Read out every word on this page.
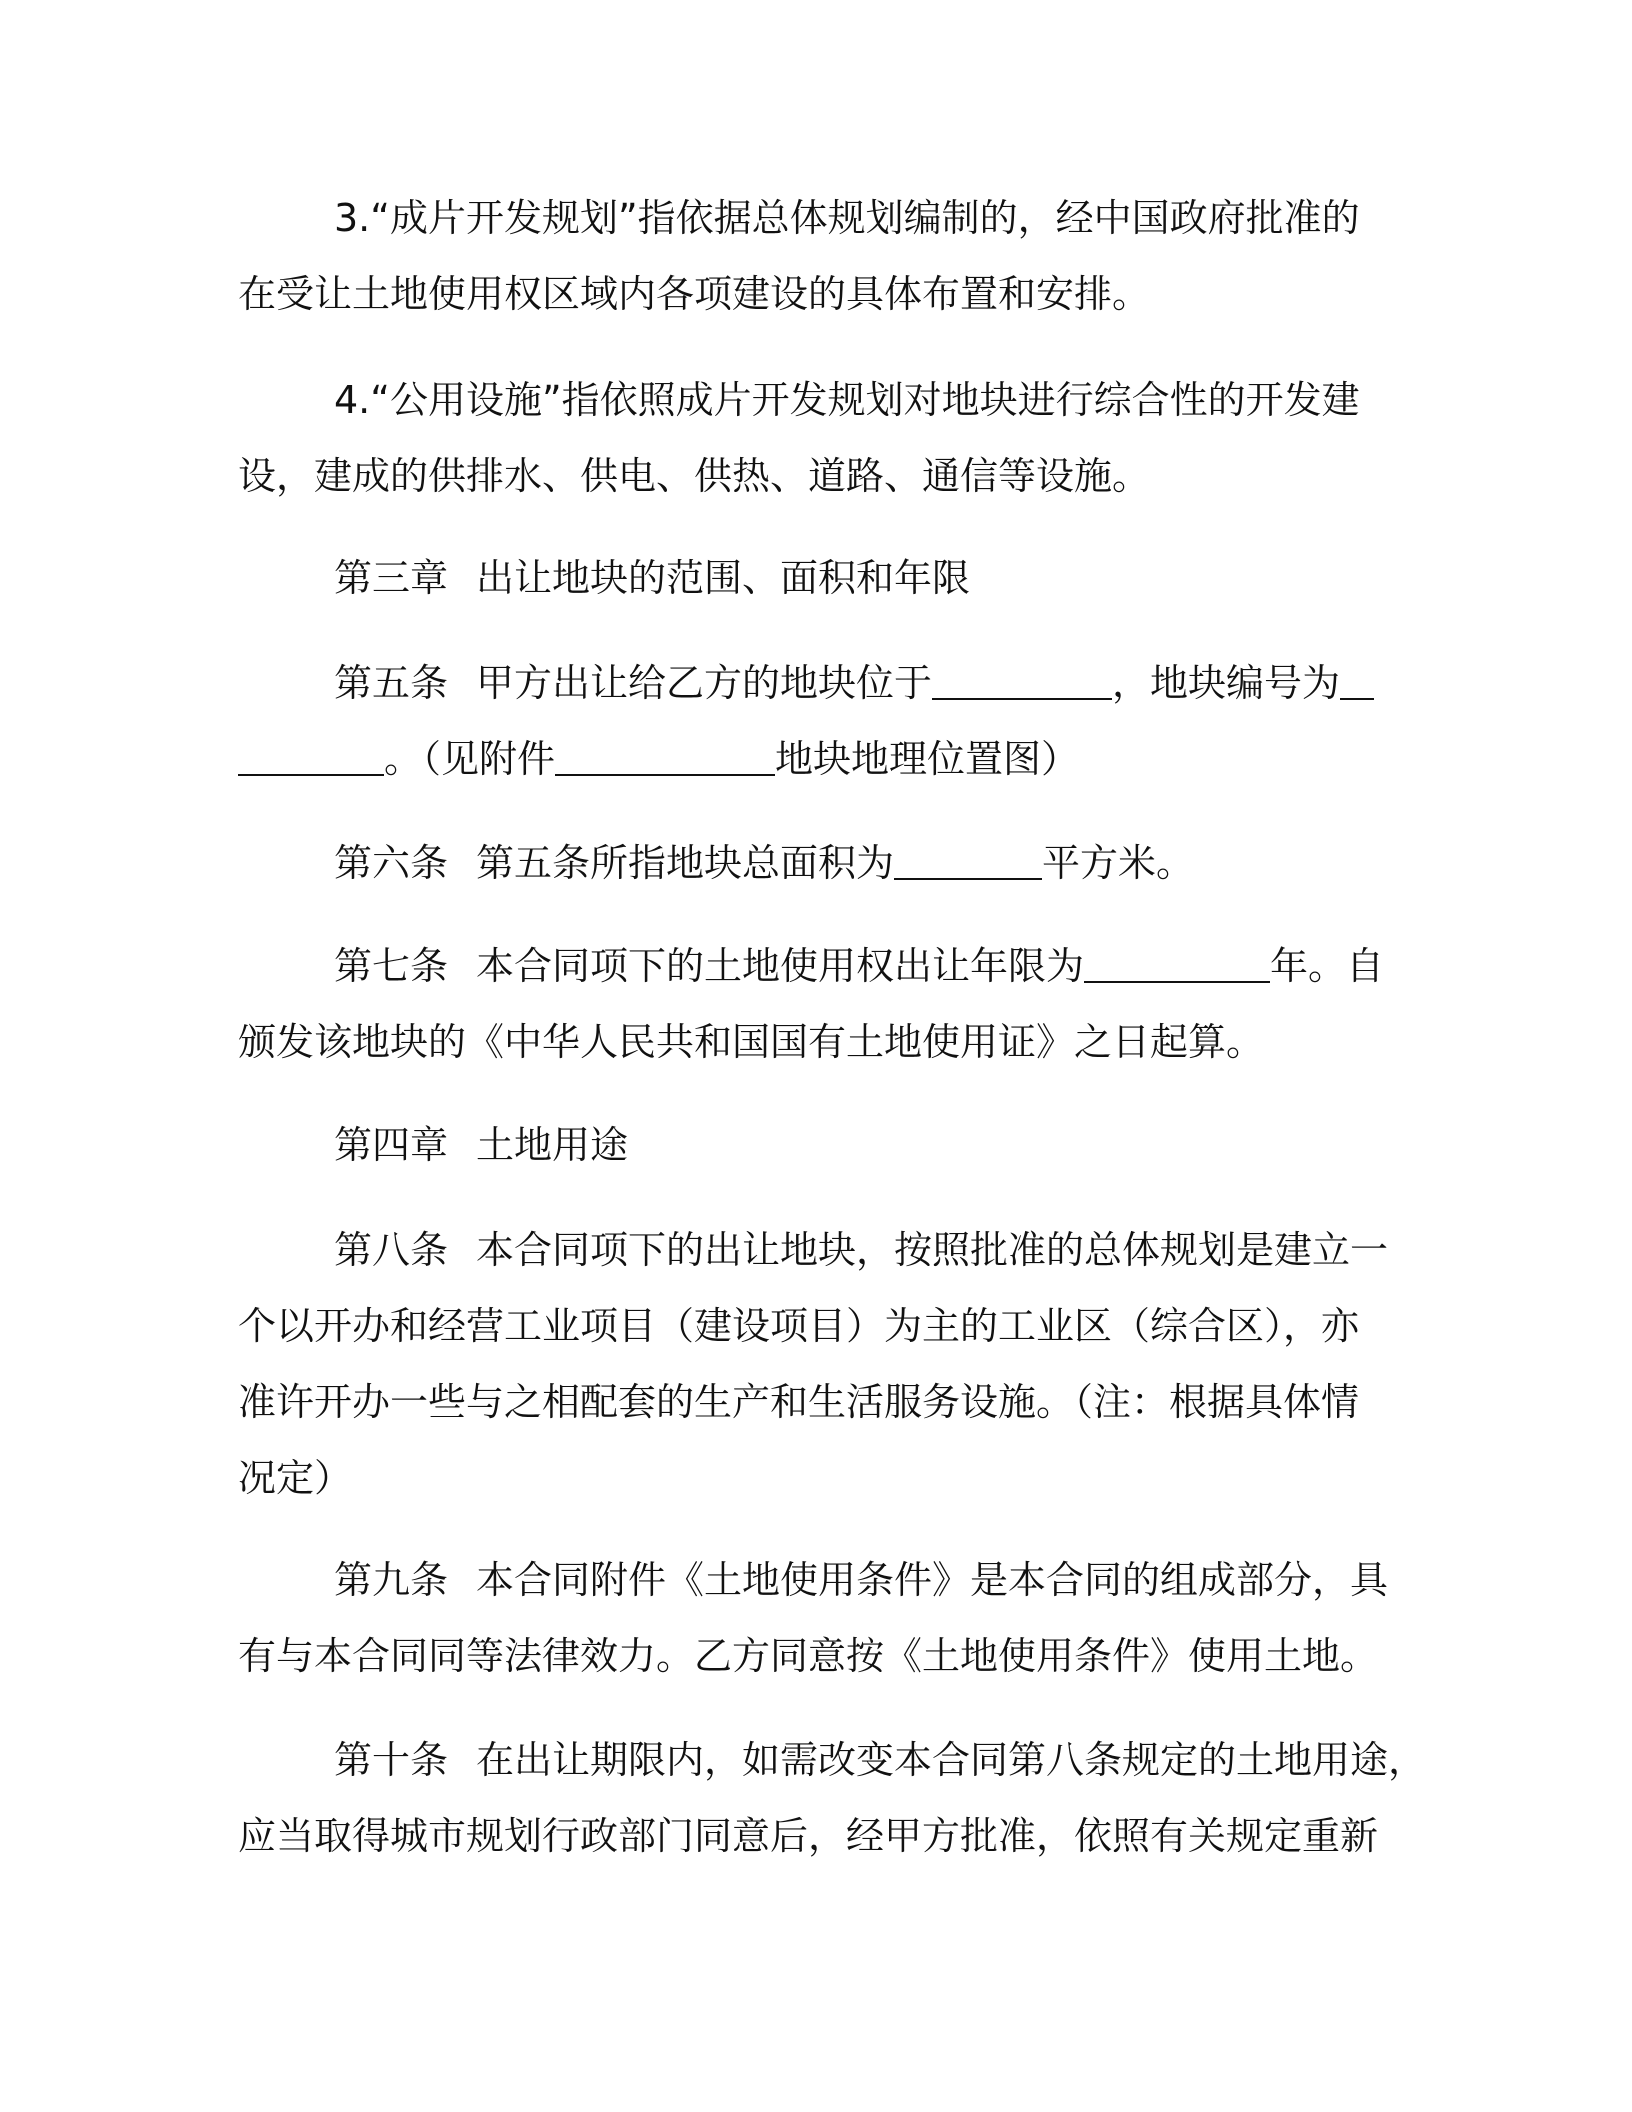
3.“成片开发规划”指依据总体规划编制的，经中国政府批准的
在受让土地使用权区域内各项建设的具体布置和安排。
4.“公用设施”指依照成片开发规划对地块进行综合性的开发建
设，建成的供排水、供电、供热、道路、通信等设施。
第三章 出让地块的范围、面积和年限
第五条 甲方出让给乙方的地块位于	，地块编号为
。（见附件	地块地理位置图）
第六条 第五条所指地块总面积为	平方米。
第七条 本合同项下的土地使用权出让年限为	年。自
颁发该地块的《中华人民共和国国有土地使用证》之日起算。
第四章 土地用途
第八条 本合同项下的出让地块，按照批准的总体规划是建立一
个以开办和经营工业项目（建设项目）为主的工业区（综合区），亦
准许开办一些与之相配套的生产和生活服务设施。（注：根据具体情
况定）
第九条 本合同附件《土地使用条件》是本合同的组成部分，具
有与本合同同等法律效力。乙方同意按《土地使用条件》使用土地。
第十条 在出让期限内，如需改变本合同第八条规定的土地用途，
应当取得城市规划行政部门同意后，经甲方批准，依照有关规定重新
